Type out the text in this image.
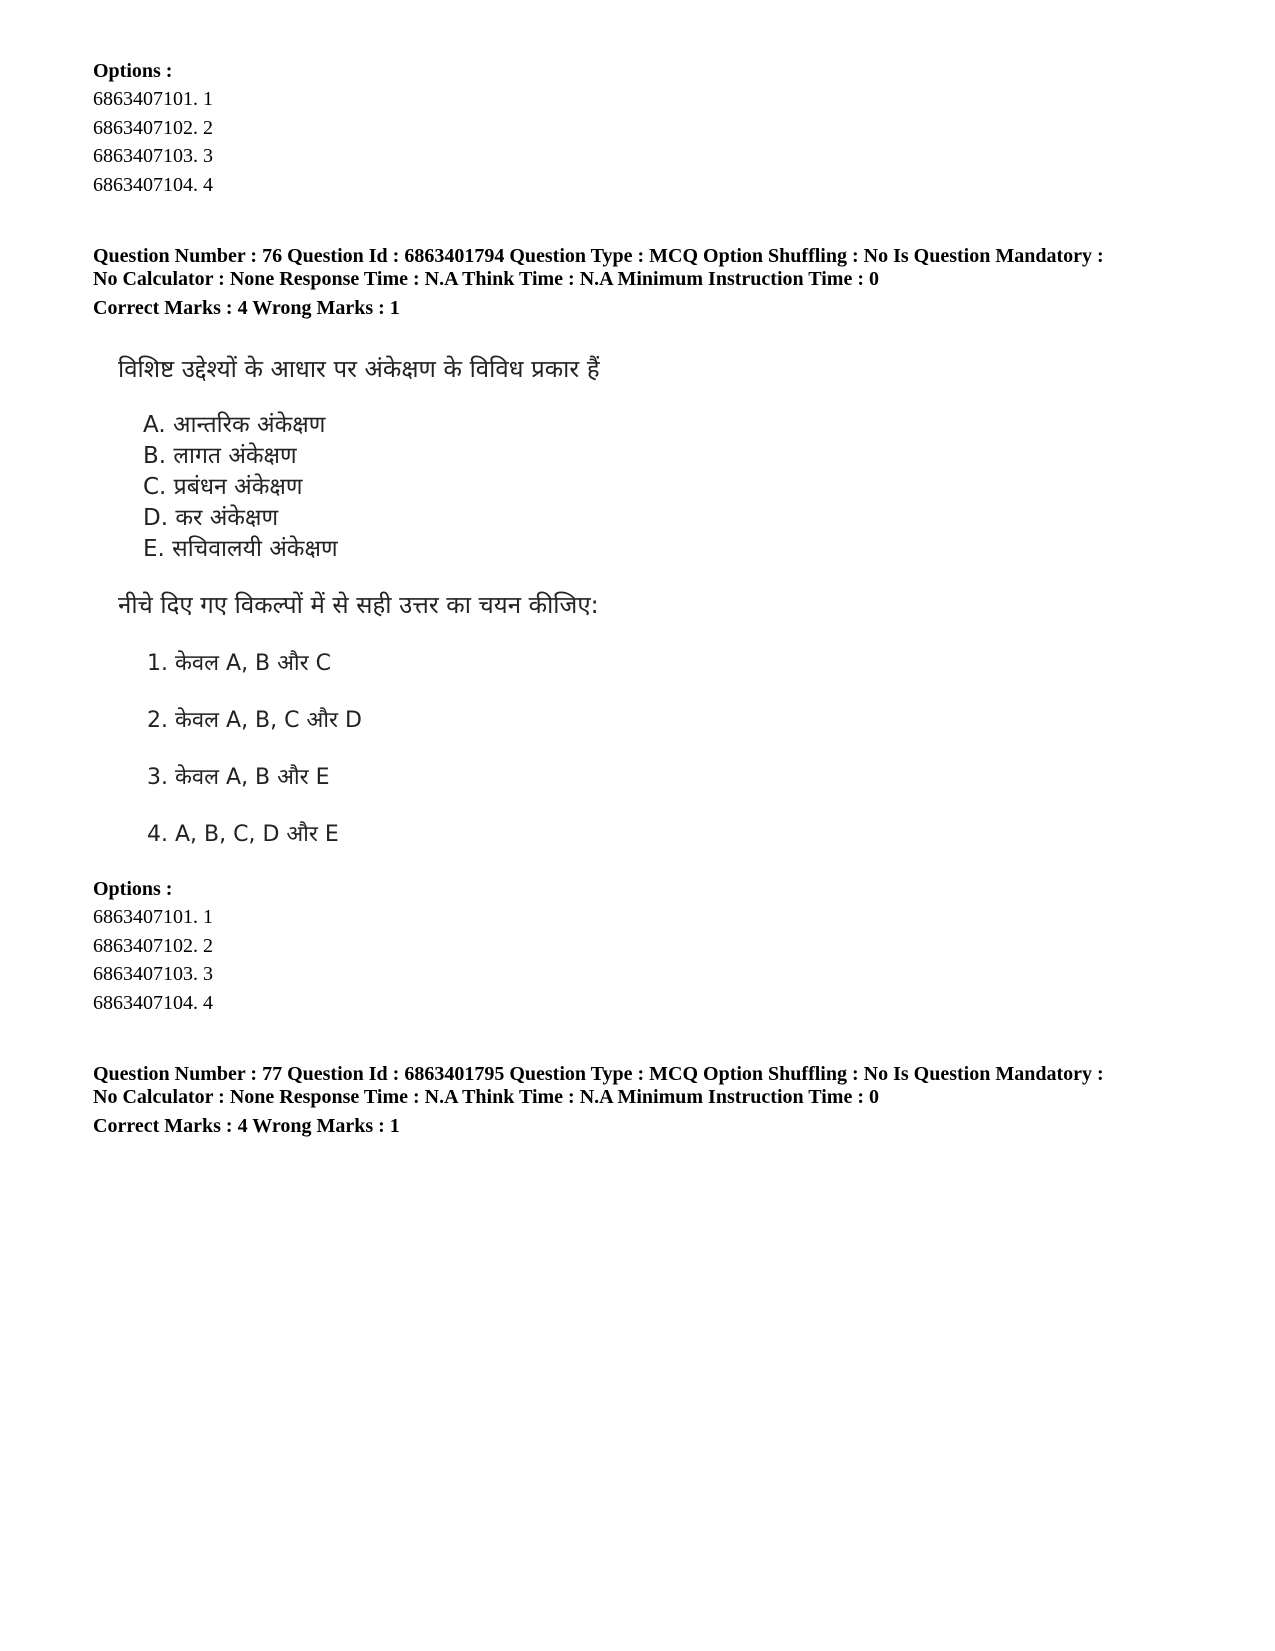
Options :

6863407101. 1

6863407102. 2

6863407103. 3

6863407104. 4

Question Number : 76 Question Id : 6863401794 Question Type : MCQ Option Shuffling : No Is Question Mandatory :

No Calculator : None Response Time : N.A Think Time : N.A Minimum Instruction Time : 0

Correct Marks : 4 Wrong Marks : 1

विशिष्ट उद्देश्यों के आधार पर अंकेक्षण के विविध प्रकार हैं

A. आन्तरिक अंकेक्षण

B. लागत अंकेक्षण

C. प्रबंधन अंकेक्षण

D. कर अंकेक्षण

E. सचिवालयी अंकेक्षण

नीचे दिए गए विकल्पों में से सही उत्तर का चयन कीजिए:

1. केवल A, B और C

2. केवल A, B, C और D

3. केवल A, B और E

4. A, B, C, D और E

Options :

6863407101. 1

6863407102. 2

6863407103. 3

6863407104. 4

Question Number : 77 Question Id : 6863401795 Question Type : MCQ Option Shuffling : No Is Question Mandatory :

No Calculator : None Response Time : N.A Think Time : N.A Minimum Instruction Time : 0

Correct Marks : 4 Wrong Marks : 1
